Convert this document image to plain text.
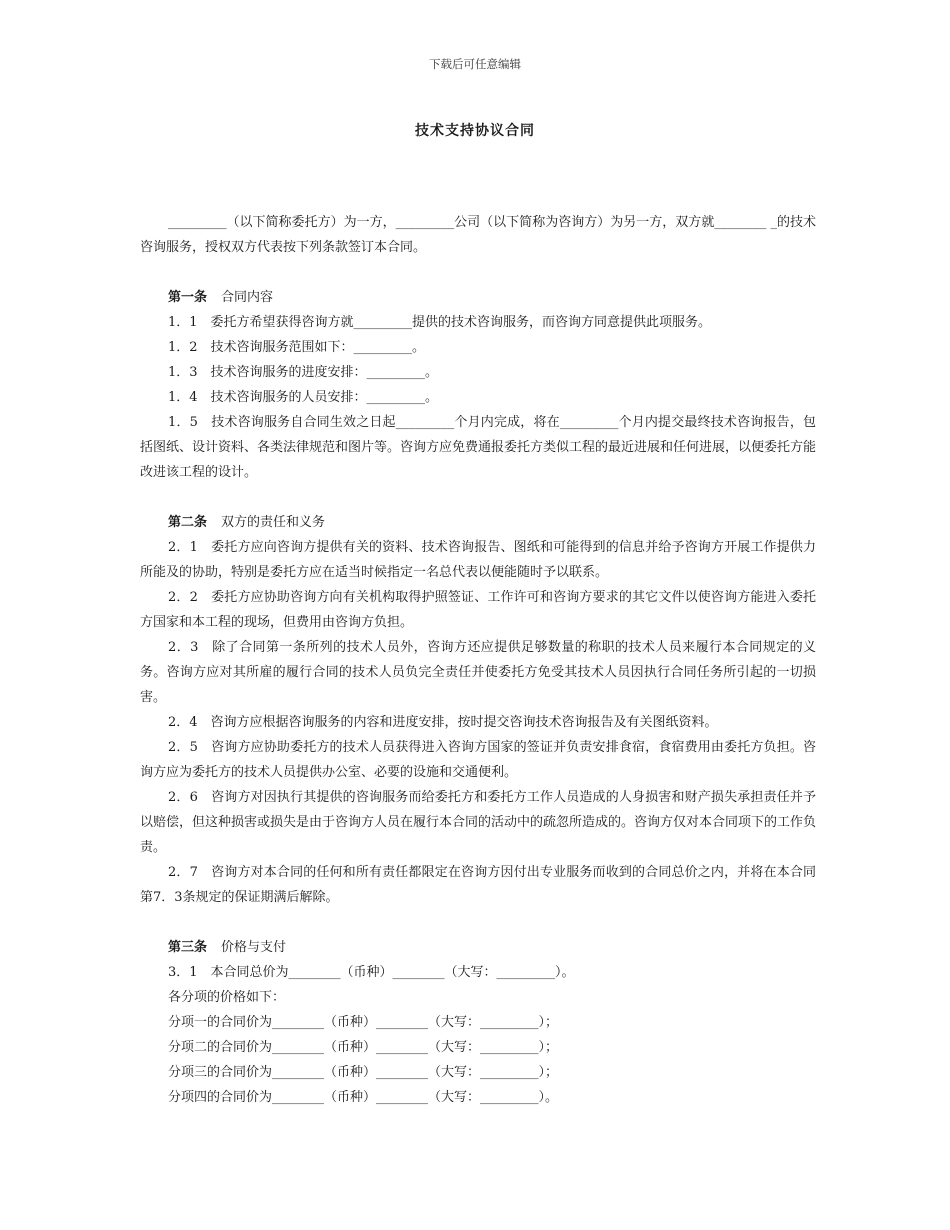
下载后可任意编辑
技术支持协议合同

_________（以下简称委托方）为一方，_________公司（以下简称为咨询方）为另一方，双方就________ _的技术咨询服务，授权双方代表按下列条款签订本合同。

第一条 合同内容

1．1　委托方希望获得咨询方就_________提供的技术咨询服务，而咨询方同意提供此项服务。

1．2　技术咨询服务范围如下：_________。

1．3　技术咨询服务的进度安排：_________。

1．4　技术咨询服务的人员安排：_________。

1．5　技术咨询服务自合同生效之日起_________个月内完成，将在_________个月内提交最终技术咨询报告，包括图纸、设计资料、各类法律规范和图片等。咨询方应免费通报委托方类似工程的最近进展和任何进展，以便委托方能改进该工程的设计。

第二条 双方的责任和义务

2．1　委托方应向咨询方提供有关的资料、技术咨询报告、图纸和可能得到的信息并给予咨询方开展工作提供力所能及的协助，特别是委托方应在适当时候指定一名总代表以便能随时予以联系。

2．2　委托方应协助咨询方向有关机构取得护照签证、工作许可和咨询方要求的其它文件以使咨询方能进入委托方国家和本工程的现场，但费用由咨询方负担。

2．3　除了合同第一条所列的技术人员外，咨询方还应提供足够数量的称职的技术人员来履行本合同规定的义务。咨询方应对其所雇的履行合同的技术人员负完全责任并使委托方免受其技术人员因执行合同任务所引起的一切损害。

2．4　咨询方应根据咨询服务的内容和进度安排，按时提交咨询技术咨询报告及有关图纸资料。

2．5　咨询方应协助委托方的技术人员获得进入咨询方国家的签证并负责安排食宿，食宿费用由委托方负担。咨询方应为委托方的技术人员提供办公室、必要的设施和交通便利。

2．6　咨询方对因执行其提供的咨询服务而给委托方和委托方工作人员造成的人身损害和财产损失承担责任并予以赔偿，但这种损害或损失是由于咨询方人员在履行本合同的活动中的疏忽所造成的。咨询方仅对本合同项下的工作负责。

2．7　咨询方对本合同的任何和所有责任都限定在咨询方因付出专业服务而收到的合同总价之内，并将在本合同第7．3条规定的保证期满后解除。

第三条 价格与支付

3．1　本合同总价为________（币种）________（大写：_________）。

各分项的价格如下：

分项一的合同价为________（币种）________（大写：_________）；

分项二的合同价为________（币种）________（大写：_________）；

分项三的合同价为________（币种）________（大写：_________）；

分项四的合同价为________（币种）________（大写：_________）。
